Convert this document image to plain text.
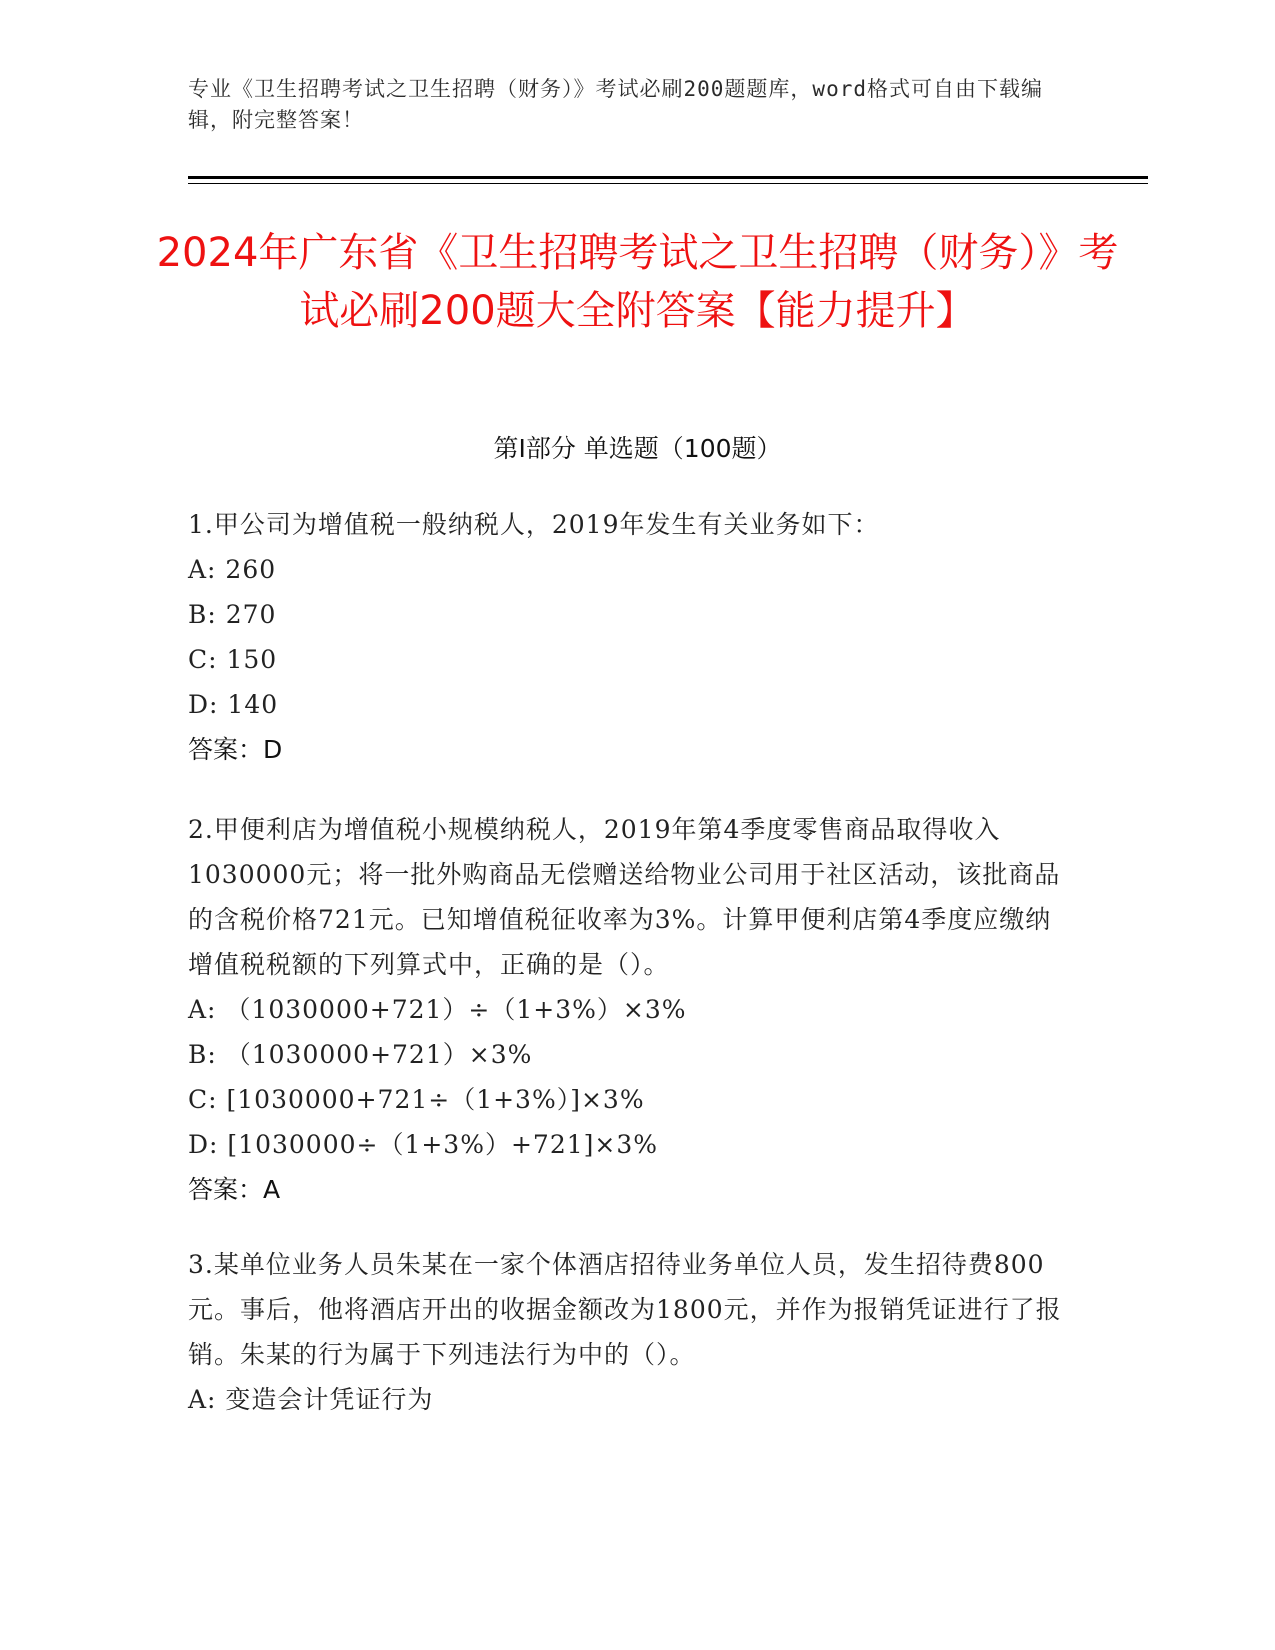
专业《卫生招聘考试之卫生招聘（财务）》考试必刷200题题库，word格式可自由下载编辑，附完整答案！
2024年广东省《卫生招聘考试之卫生招聘（财务）》考试必刷200题大全附答案【能力提升】
第Ⅰ部分 单选题（100题）
1.甲公司为增值税一般纳税人，2019年发生有关业务如下：
A: 260
B: 270
C: 150
D: 140
答案：D
2.甲便利店为增值税小规模纳税人，2019年第4季度零售商品取得收入1030000元；将一批外购商品无偿赠送给物业公司用于社区活动，该批商品的含税价格721元。已知增值税征收率为3%。计算甲便利店第4季度应缴纳增值税税额的下列算式中，正确的是（）。
A: （1030000+721）÷（1+3%）×3%
B: （1030000+721）×3%
C: [1030000+721÷（1+3%）]×3%
D: [1030000÷（1+3%）+721]×3%
答案：A
3.某单位业务人员朱某在一家个体酒店招待业务单位人员，发生招待费800元。事后，他将酒店开出的收据金额改为1800元，并作为报销凭证进行了报销。朱某的行为属于下列违法行为中的（）。
A: 变造会计凭证行为
